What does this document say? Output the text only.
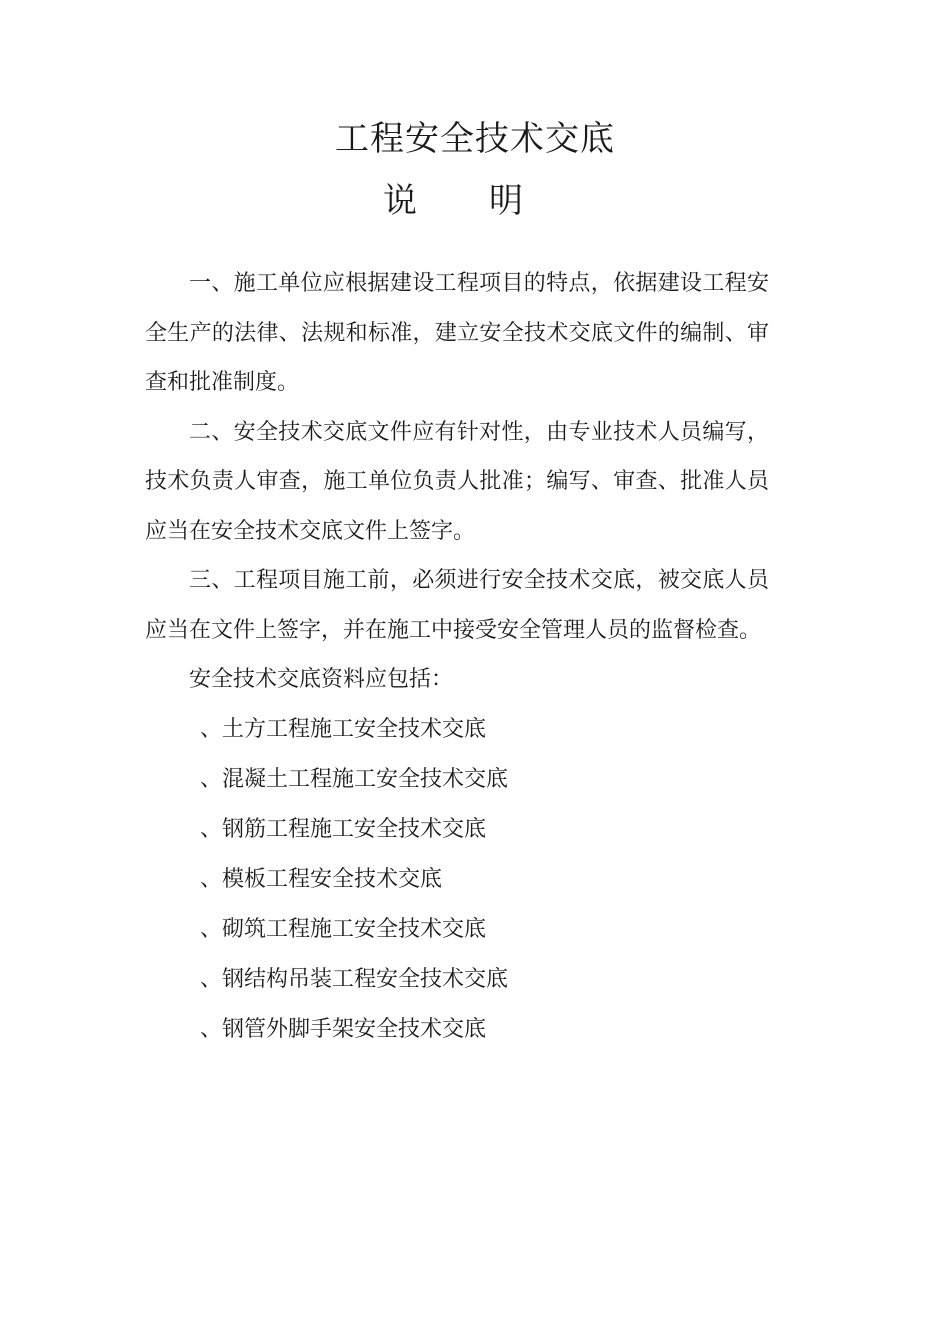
工程安全技术交底
说 明

一、施工单位应根据建设工程项目的特点，依据建设工程安全生产的法律、法规和标准，建立安全技术交底文件的编制、审查和批准制度。

二、安全技术交底文件应有针对性，由专业技术人员编写，技术负责人审查，施工单位负责人批准；编写、审查、批准人员应当在安全技术交底文件上签字。

三、工程项目施工前，必须进行安全技术交底，被交底人员应当在文件上签字，并在施工中接受安全管理人员的监督检查。

安全技术交底资料应包括：

、土方工程施工安全技术交底
、混凝土工程施工安全技术交底
、钢筋工程施工安全技术交底
、模板工程安全技术交底
、砌筑工程施工安全技术交底
、钢结构吊装工程安全技术交底
、钢管外脚手架安全技术交底
